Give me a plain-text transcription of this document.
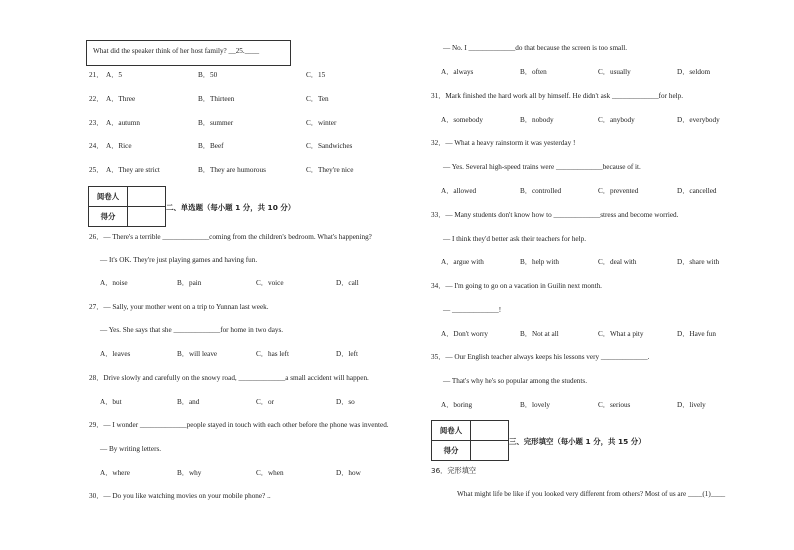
What did the speaker think of her host family? __25.____
21． A．5	B．50	C．15
22． A．Three	B．Thirteen	C．Ten
23． A．autumn	B．summer	C．winter
24． A．Rice	B．Beef	C．Sandwiches
25． A．They are strict	B．They are humorous	C．They're nice
阅卷人	
得分	
二、单选题（每小题 1 分，共 10 分）
26．— There's a terrible _____________coming from the children's bedroom. What's happening?
— It's OK. They're just playing games and having fun.
A．noise	B．pain	C．voice	D．call
27．— Sally, your mother went on a trip to Yunnan last week.
— Yes. She says that she _____________for home in two days.
A．leaves	B．will leave	C．has left	D．left
28．Drive slowly and carefully on the snowy road, _____________a small accident will happen.
A．but	B．and	C．or	D．so
29．— I wonder _____________people stayed in touch with each other before the phone was invented.
— By writing letters.
A．where	B．why	C．when	D．how
30．— Do you like watching movies on your mobile phone? ..
— No. I _____________do that because the screen is too small.
A．always	B．often	C．usually	D．seldom
31．Mark finished the hard work all by himself. He didn't ask _____________for help.
A．somebody	B．nobody	C．anybody	D．everybody
32．— What a heavy rainstorm it was yesterday !
— Yes. Several high-speed trains were _____________because of it.
A．allowed	B．controlled	C．prevented	D．cancelled
33．— Many students don't know how to _____________stress and become worried.
— I think they'd better ask their teachers for help.
A．argue with	B．help with	C．deal with	D．share with
34．— I'm going to go on a vacation in Guilin next month.
— _____________!
A．Don't worry	B．Not at all	C．What a pity	D．Have fun
35．— Our English teacher always keeps his lessons very _____________.
— That's why he's so popular among the students.
A．boring	B．lovely	C．serious	D．lively
阅卷人	
得分	
三、完形填空（每小题 1 分，共 15 分）
36．完形填空
What might life be like if you looked very different from others? Most of us are ____(1)____
